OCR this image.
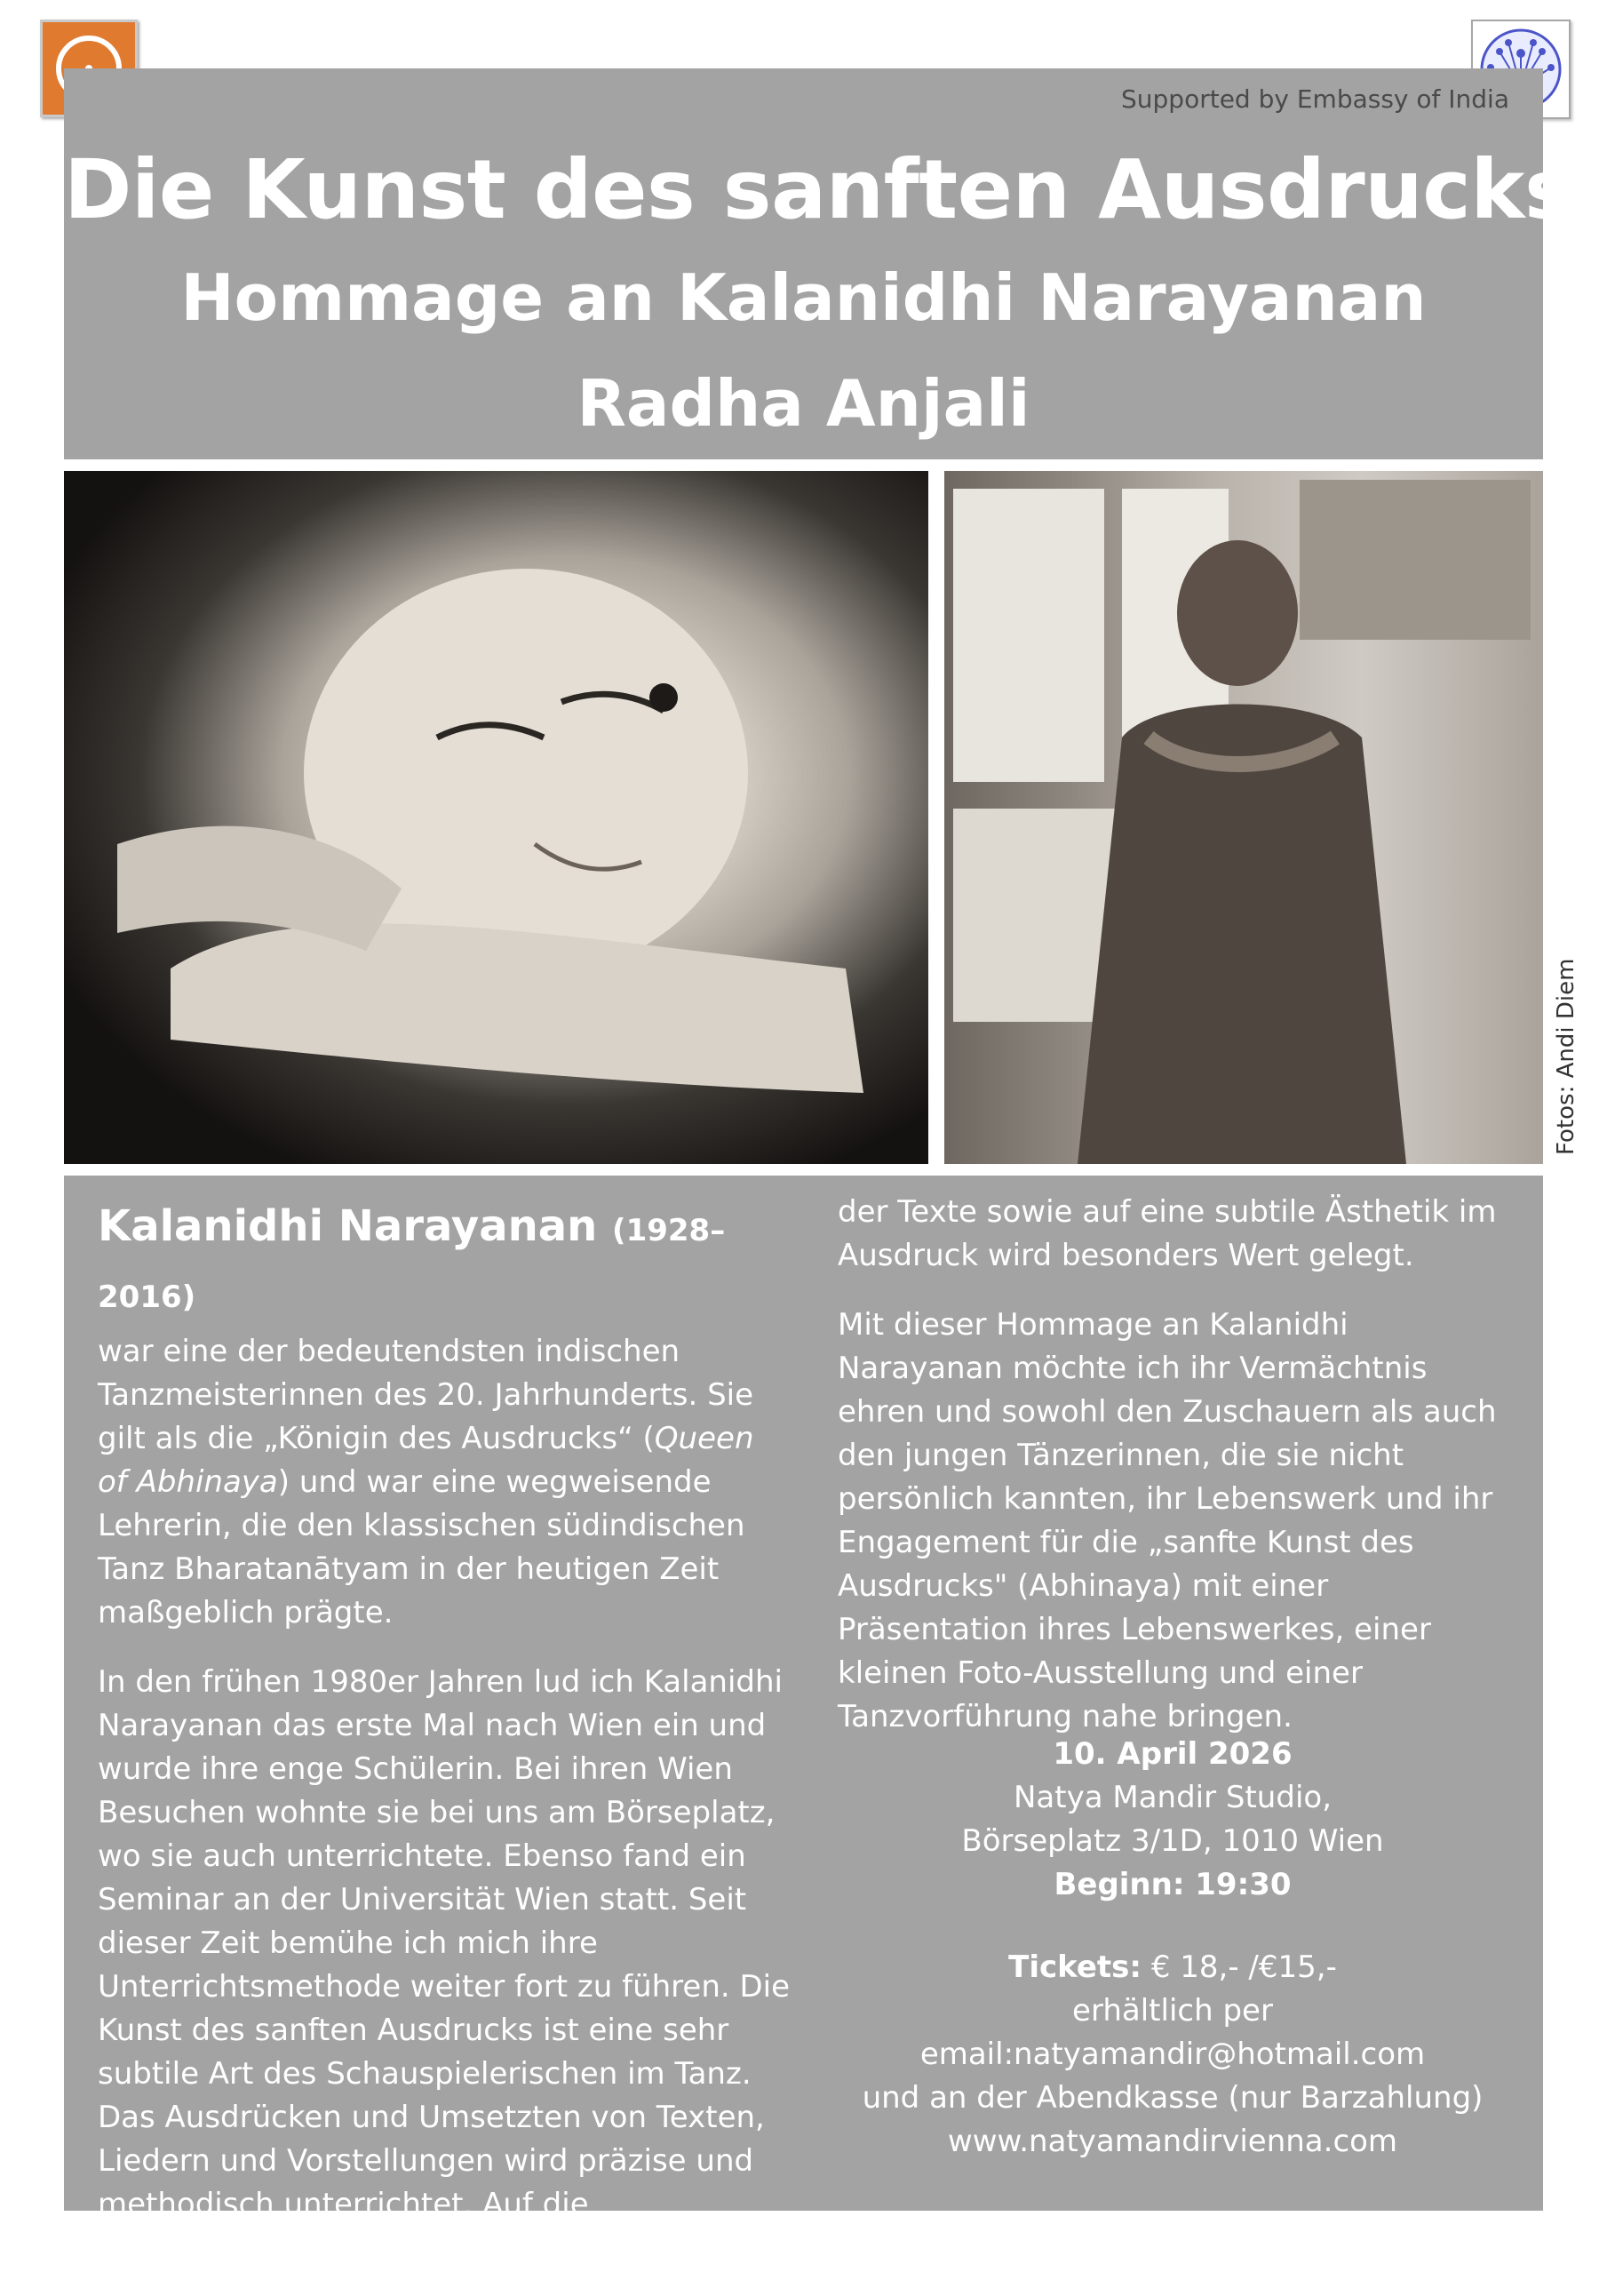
Supported by Embassy of India
Die Kunst des sanften Ausdrucks
Hommage an Kalanidhi Narayanan
Radha Anjali
Fotos: Andi Diem
Kalanidhi Narayanan (1928–2016)

war eine der bedeutendsten indischen Tanzmeisterinnen des 20. Jahrhunderts. Sie gilt als die „Königin des Ausdrucks“ (Queen of Abhinaya) und war eine wegweisende Lehrerin, die den klassischen südindischen Tanz Bharatanātyam in der heutigen Zeit maßgeblich prägte.

In den frühen 1980er Jahren lud ich Kalanidhi Narayanan das erste Mal nach Wien ein und wurde ihre enge Schülerin. Bei ihren Wien Besuchen wohnte sie bei uns am Börseplatz, wo sie auch unterrichtete. Ebenso fand ein Seminar an der Universität Wien statt. Seit dieser Zeit bemühe ich mich ihre Unterrichtsmethode weiter fort zu führen. Die Kunst des sanften Ausdrucks ist eine sehr subtile Art des Schauspielerischen im Tanz. Das Ausdrücken und Umsetzten von Texten, Liedern und Vorstellungen wird präzise und methodisch unterrichtet. Auf die Interpretation

der Texte sowie auf eine subtile Ästhetik im Ausdruck wird besonders Wert gelegt.

Mit dieser Hommage an Kalanidhi Narayanan möchte ich ihr Vermächtnis ehren und sowohl den Zuschauern als auch den jungen Tänzerinnen, die sie nicht persönlich kannten, ihr Lebenswerk und ihr Engagement für die „sanfte Kunst des Ausdrucks" (Abhinaya) mit einer Präsentation ihres Lebenswerkes, einer kleinen Foto-Ausstellung und einer Tanzvorführung nahe bringen.

10. April 2026
Natya Mandir Studio,
Börseplatz 3/1D, 1010 Wien
Beginn: 19:30
Tickets: € 18,- /€15,-
erhältlich per email:natyamandir@hotmail.com
und an der Abendkasse (nur Barzahlung)
www.natyamandirvienna.com
